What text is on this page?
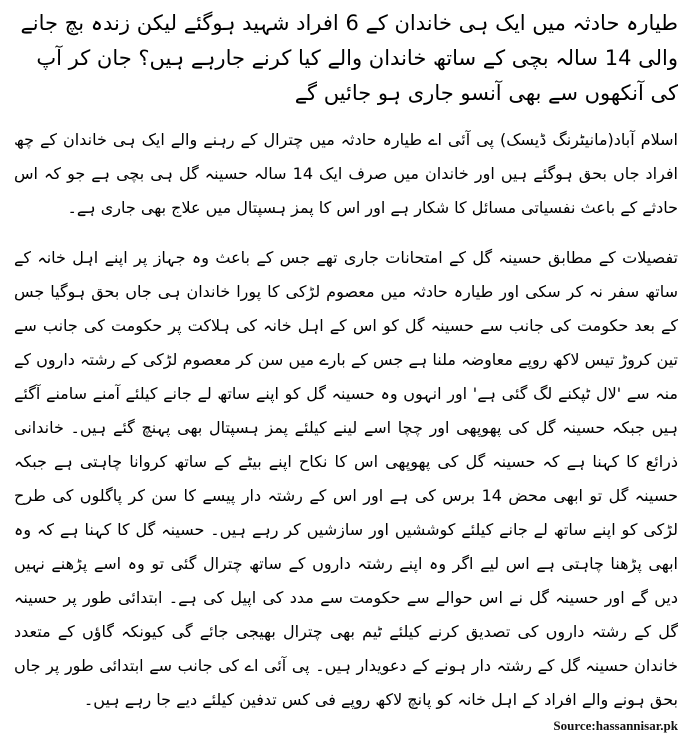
طیارہ حادثہ میں ایک ہی خاندان کے 6 افراد شہید ہوگئے لیکن زندہ بچ جانے والی 14 سالہ بچی کے ساتھ خاندان والے کیا کرنے جارہے ہیں؟ جان کر آپ کی آنکھوں سے بھی آنسو جاری ہو جائیں گے

اسلام آباد(مانیٹرنگ ڈیسک) پی آئی اے طیارہ حادثہ میں چترال کے رہنے والے ایک ہی خاندان کے چھ افراد جاں بحق ہوگئے ہیں اور خاندان میں صرف ایک 14 سالہ حسینہ گل ہی بچی ہے جو کہ اس حادثے کے باعث نفسیاتی مسائل کا شکار ہے اور اس کا پمز ہسپتال میں علاج بھی جاری ہے۔

تفصیلات کے مطابق حسینہ گل کے امتحانات جاری تھے جس کے باعث وہ جہاز پر اپنے اہل خانہ کے ساتھ سفر نہ کر سکی اور طیارہ حادثہ میں معصوم لڑکی کا پورا خاندان ہی جاں بحق ہوگیا جس کے بعد حکومت کی جانب سے حسینہ گل کو اس کے اہل خانہ کی ہلاکت پر حکومت کی جانب سے تین کروڑ تیس لاکھ روپے معاوضہ ملنا ہے جس کے بارے میں سن کر معصوم لڑکی کے رشتہ داروں کے منہ سے 'لال ٹپکنے لگ گئی ہے' اور انہوں وہ حسینہ گل کو اپنے ساتھ لے جانے کیلئے آمنے سامنے آگئے ہیں جبکہ حسینہ گل کی پھوپھی اور چچا اسے لینے کیلئے پمز ہسپتال بھی پہنچ گئے ہیں۔ خاندانی ذرائع کا کہنا ہے کہ حسینہ گل کی پھوپھی اس کا نکاح اپنے بیٹے کے ساتھ کروانا چاہتی ہے جبکہ حسینہ گل تو ابھی محض 14 برس کی ہے اور اس کے رشتہ دار پیسے کا سن کر پاگلوں کی طرح لڑکی کو اپنے ساتھ لے جانے کیلئے کوششیں اور سازشیں کر رہے ہیں۔ حسینہ گل کا کہنا ہے کہ وہ ابھی پڑھنا چاہتی ہے اس لیے اگر وہ اپنے رشتہ داروں کے ساتھ چترال گئی تو وہ اسے پڑھنے نہیں دیں گے اور حسینہ گل نے اس حوالے سے حکومت سے مدد کی اپیل کی ہے۔ ابتدائی طور پر حسینہ گل کے رشتہ داروں کی تصدیق کرنے کیلئے ٹیم بھی چترال بھیجی جائے گی کیونکہ گاؤں کے متعدد خاندان حسینہ گل کے رشتہ دار ہونے کے دعویدار ہیں۔ پی آئی اے کی جانب سے ابتدائی طور پر جاں بحق ہونے والے افراد کے اہل خانہ کو پانچ لاکھ روپے فی کس تدفین کیلئے دیے جا رہے ہیں۔

Source:hassannisar.pk
